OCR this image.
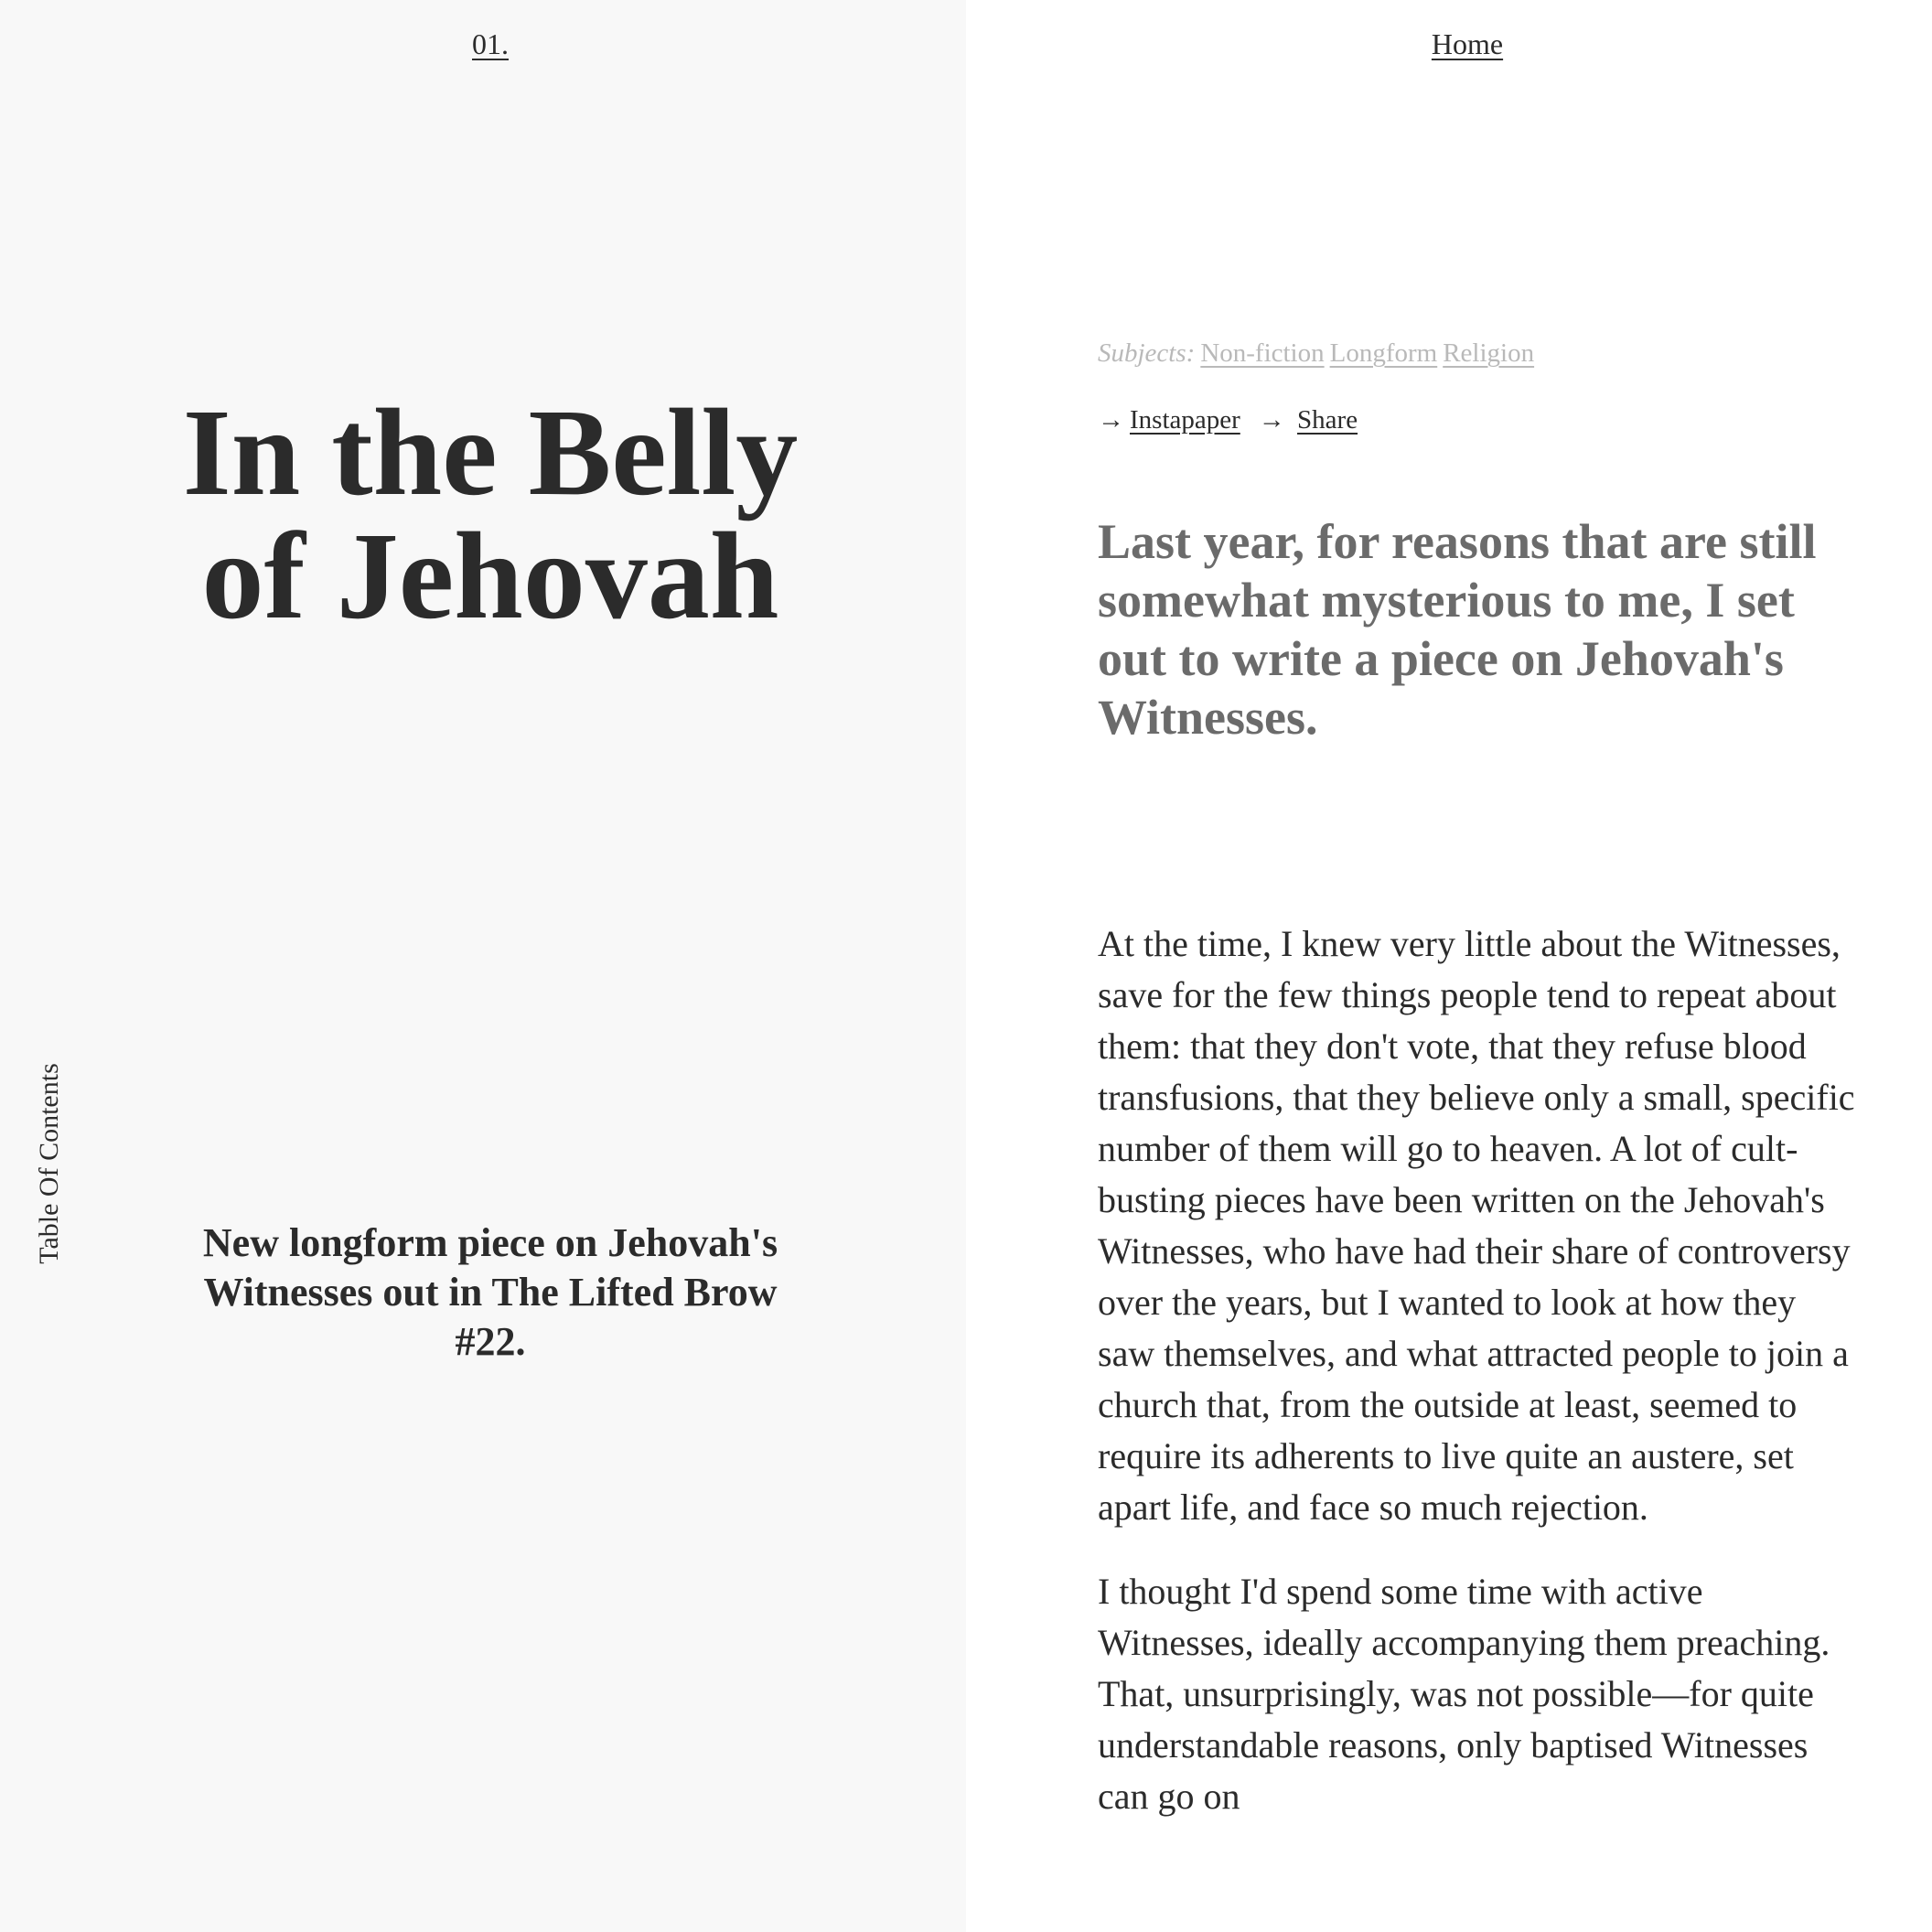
01.
In the Belly of Jehovah

New longform piece on Jehovah's Witnesses out in The Lifted Brow #22.

Table Of Contents
Home
Subjects: Non-fiction Longform Religion
→ Instapaper → Share
Last year, for reasons that are still somewhat mysterious to me, I set out to write a piece on Jehovah's Witnesses.

At the time, I knew very little about the Witnesses, save for the few things people tend to repeat about them: that they don't vote, that they refuse blood transfusions, that they believe only a small, specific number of them will go to heaven. A lot of cult-busting pieces have been written on the Jehovah's Witnesses, who have had their share of controversy over the years, but I wanted to look at how they saw themselves, and what attracted people to join a church that, from the outside at least, seemed to require its adherents to live quite an austere, set apart life, and face so much rejection.

I thought I'd spend some time with active Witnesses, ideally accompanying them preaching. That, unsurprisingly, was not possible—for quite understandable reasons, only baptised Witnesses can go on
